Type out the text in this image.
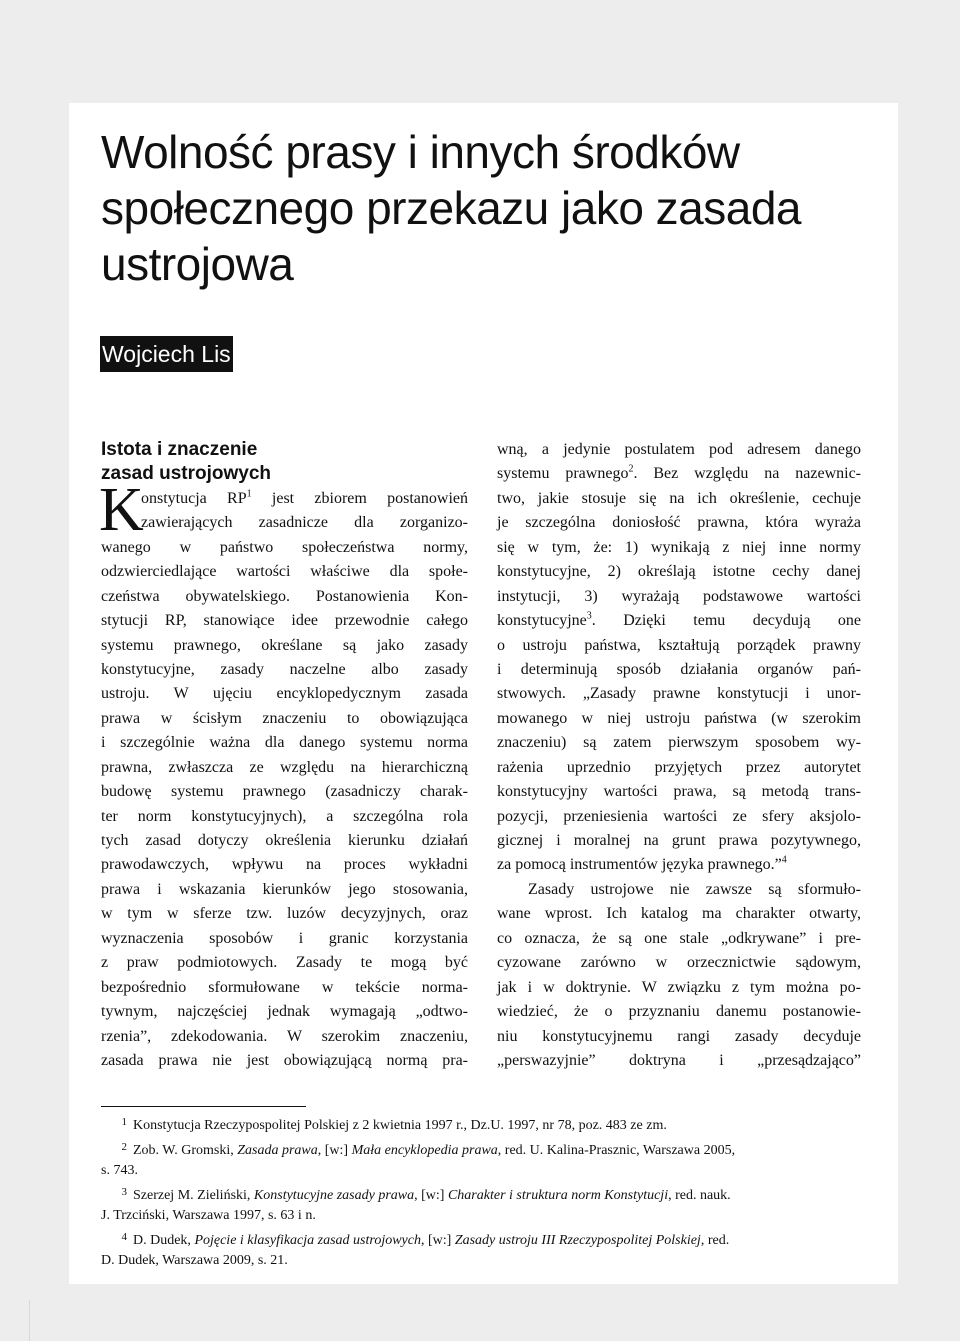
Wolność prasy i innych środków
społecznego przekazu jako zasada
ustrojowa
Wojciech Lis
Istota i znaczenie
zasad ustrojowych
K
onstytucja $RP^1$ jest zbiorem postanowień
zawierających zasadnicze dla zorganizo-
wanego w państwo społeczeństwa normy,
odzwierciedlające wartości właściwe dla społe-
czeństwa obywatelskiego. Postanowienia Kon-
stytucji RP, stanowiące idee przewodnie całego
systemu prawnego, określane są jako zasady
konstytucyjne, zasady naczelne albo zasady
ustroju. W ujęciu encyklopedycznym zasada
prawa w ścisłym znaczeniu to obowiązująca
i szczególnie ważna dla danego systemu norma
prawna, zwłaszcza ze względu na hierarchiczną
budowę systemu prawnego (zasadniczy charak-
ter norm konstytucyjnych), a szczególna rola
tych zasad dotyczy określenia kierunku działań
prawodawczych, wpływu na proces wykładni
prawa i wskazania kierunków jego stosowania,
w tym w sferze tzw. luzów decyzyjnych, oraz
wyznaczenia sposobów i granic korzystania
z praw podmiotowych. Zasady te mogą być
bezpośrednio sformułowane w tekście norma-
tywnym, najczęściej jednak wymagają „odtwo-
rzenia”, zdekodowania. W szerokim znaczeniu,
zasada prawa nie jest obowiązującą normą pra-
wną, a jedynie postulatem pod adresem danego
systemu prawnego$^2$. Bez względu na nazewnic-
two, jakie stosuje się na ich określenie, cechuje
je szczególna doniosłość prawna, która wyraża
się w tym, że: 1) wynikają z niej inne normy
konstytucyjne, 2) określają istotne cechy danej
instytucji, 3) wyrażają podstawowe wartości
konstytucyjne$^3$. Dzięki temu decydują one
o ustroju państwa, kształtują porządek prawny
i determinują sposób działania organów pań-
stwowych. „Zasady prawne konstytucji i unor-
mowanego w niej ustroju państwa (w szerokim
znaczeniu) są zatem pierwszym sposobem wy-
rażenia uprzednio przyjętych przez autorytet
konstytucyjny wartości prawa, są metodą trans-
pozycji, przeniesienia wartości ze sfery aksjolo-
gicznej i moralnej na grunt prawa pozytywnego,
za pomocą instrumentów języka prawnego.”$^4$
Zasady ustrojowe nie zawsze są sformuło-
wane wprost. Ich katalog ma charakter otwarty,
co oznacza, że są one stale „odkrywane” i pre-
cyzowane zarówno w orzecznictwie sądowym,
jak i w doktrynie. W związku z tym można po-
wiedzieć, że o przyznaniu danemu postanowie-
niu konstytucyjnemu rangi zasady decyduje
„perswazyjnie” doktryna i „przesądzająco”
1 Konstytucja Rzeczypospolitej Polskiej z 2 kwietnia 1997 r., Dz.U. 1997, nr 78, poz. 483 ze zm.
2 Zob. W. Gromski, Zasada prawa, [w:] Mała encyklopedia prawa, red. U. Kalina-Prasznic, Warszawa 2005,
s. 743.
3 Szerzej M. Zieliński, Konstytucyjne zasady prawa, [w:] Charakter i struktura norm Konstytucji, red. nauk.
J. Trzciński, Warszawa 1997, s. 63 i n.
4 D. Dudek, Pojęcie i klasyfikacja zasad ustrojowych, [w:] Zasady ustroju III Rzeczypospolitej Polskiej, red.
D. Dudek, Warszawa 2009, s. 21.
